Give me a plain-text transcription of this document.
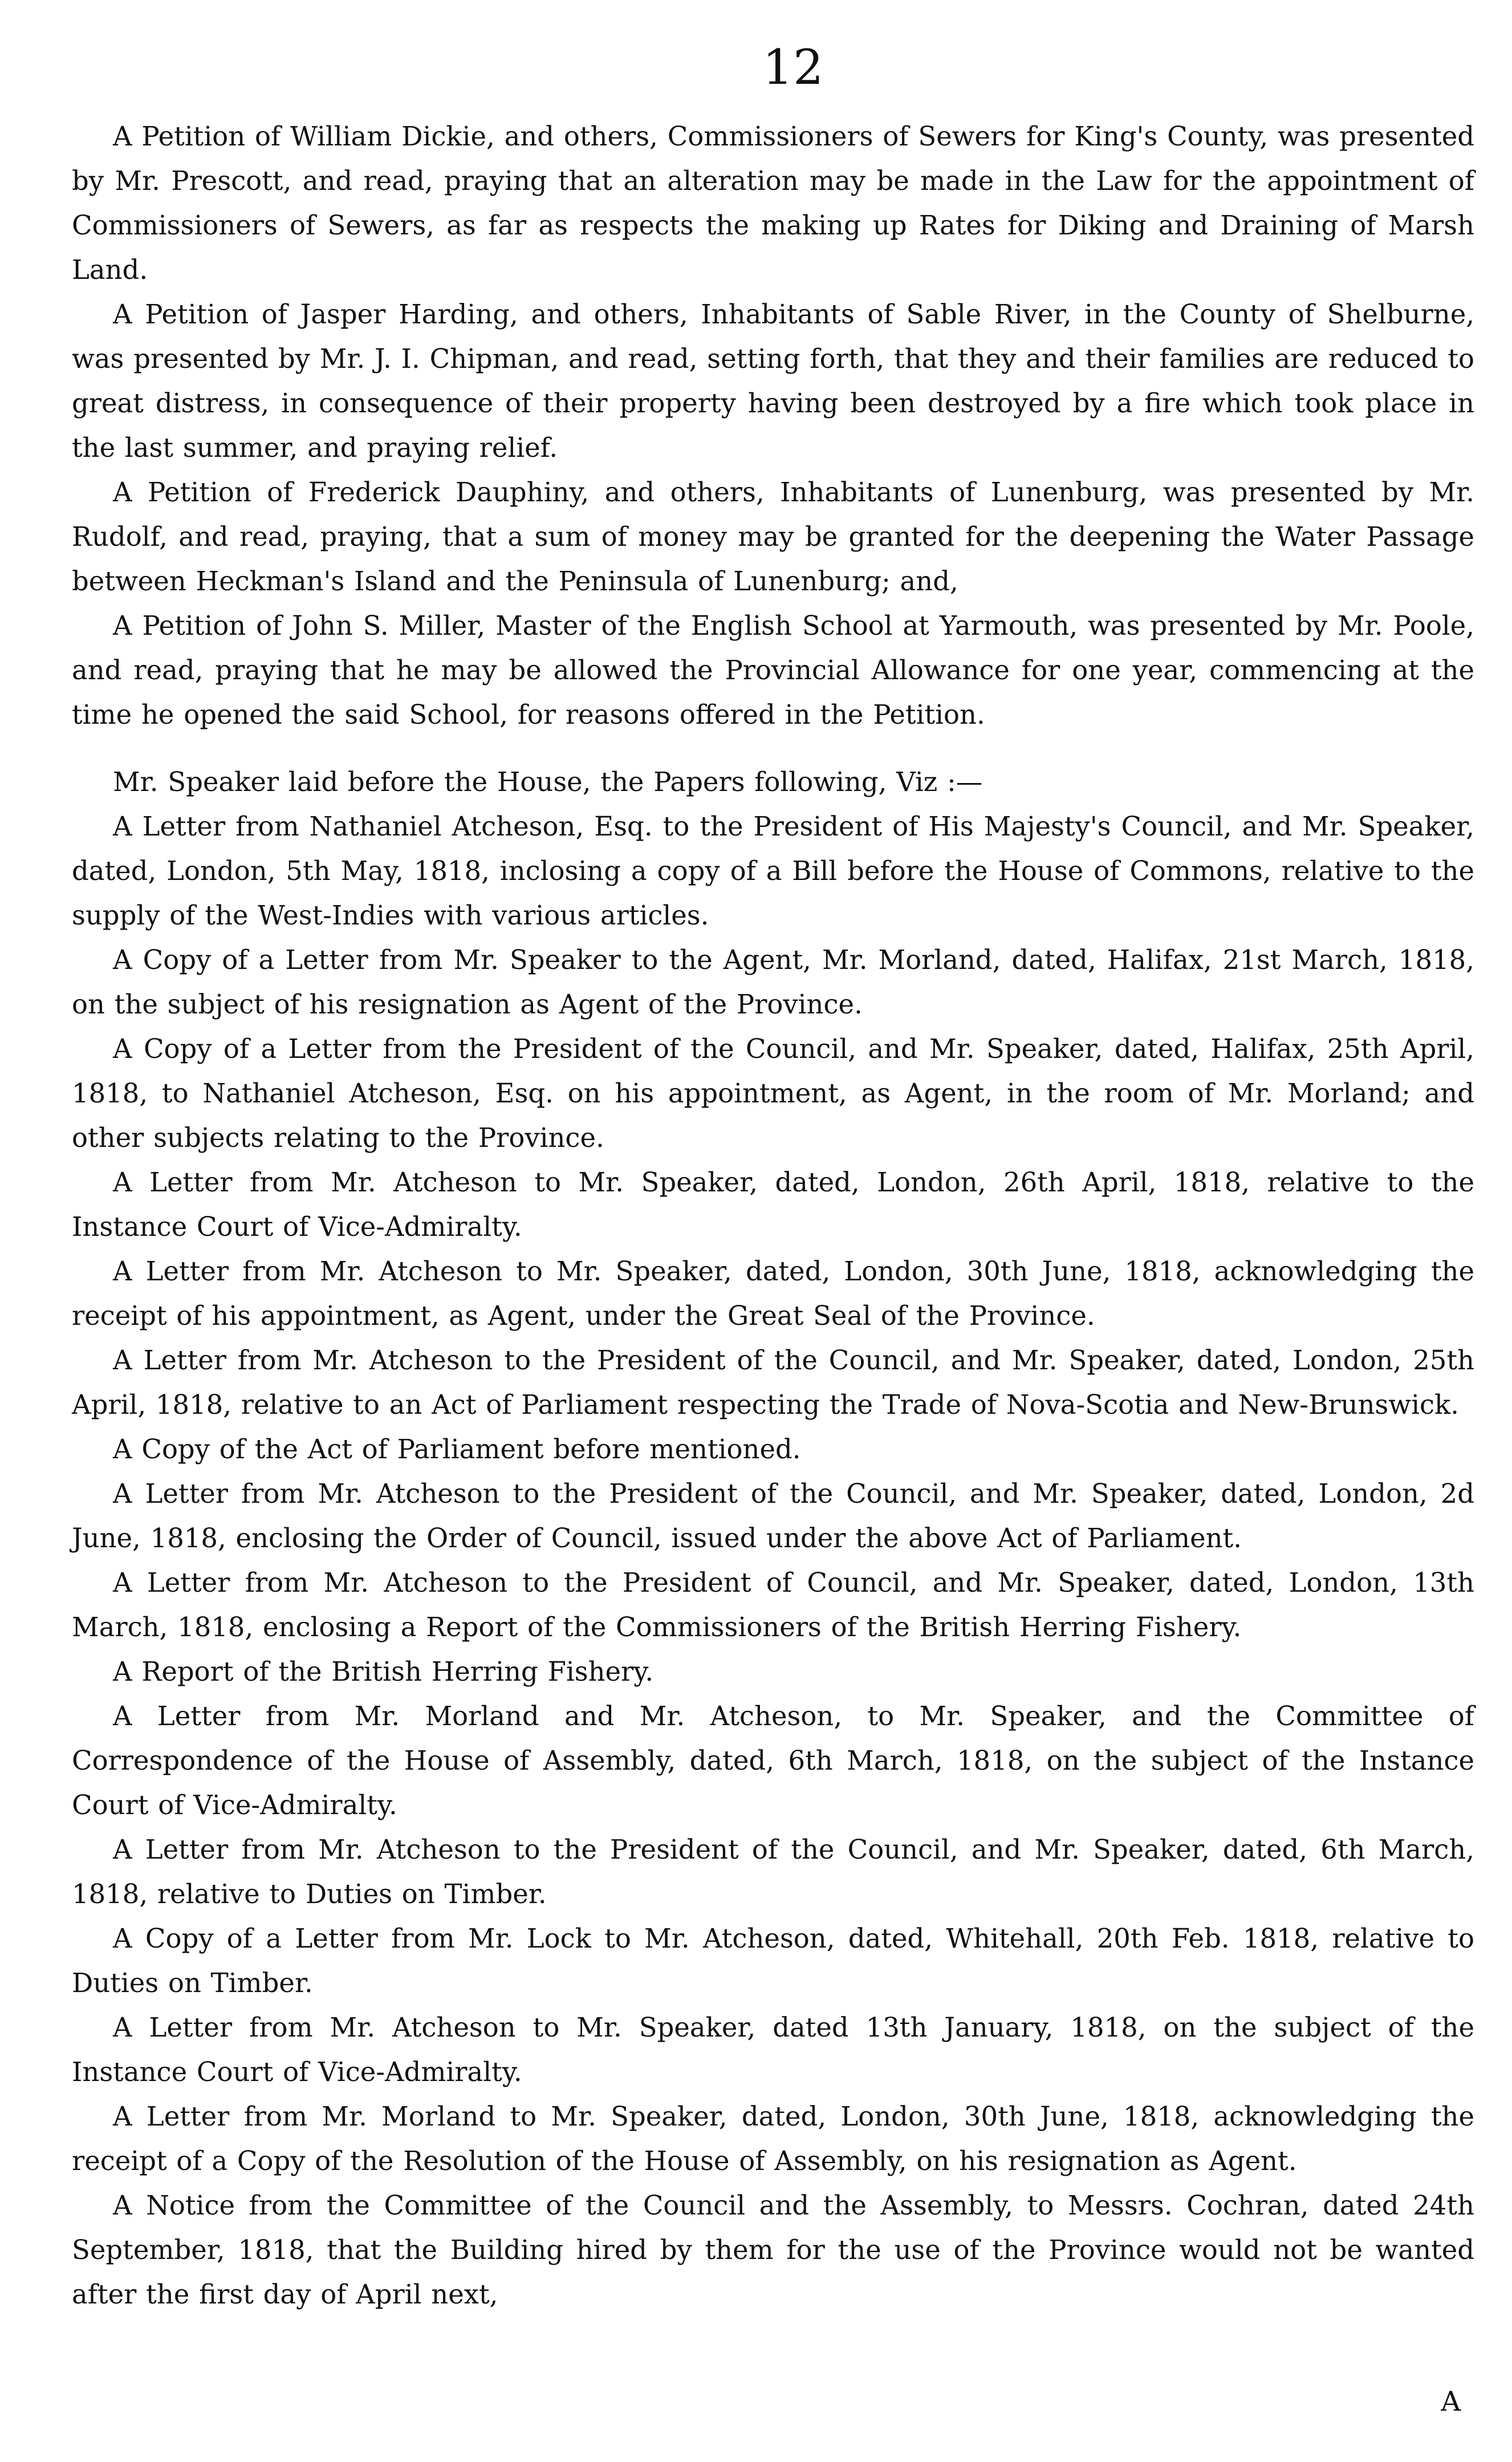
12

A Petition of William Dickie, and others, Commissioners of Sewers for King's County, was presented by Mr. Prescott, and read, praying that an alteration may be made in the Law for the appointment of Commissioners of Sewers, as far as respects the making up Rates for Diking and Draining of Marsh Land.

A Petition of Jasper Harding, and others, Inhabitants of Sable River, in the County of Shelburne, was presented by Mr. J. I. Chipman, and read, setting forth, that they and their families are reduced to great distress, in consequence of their property having been destroyed by a fire which took place in the last summer, and praying relief.

A Petition of Frederick Dauphiny, and others, Inhabitants of Lunenburg, was presented by Mr. Rudolf, and read, praying, that a sum of money may be granted for the deepening the Water Passage between Heckman's Island and the Peninsula of Lunenburg; and,

A Petition of John S. Miller, Master of the English School at Yarmouth, was presented by Mr. Poole, and read, praying that he may be allowed the Provincial Allowance for one year, commencing at the time he opened the said School, for reasons offered in the Petition.

Mr. Speaker laid before the House, the Papers following, Viz :—

A Letter from Nathaniel Atcheson, Esq. to the President of His Majesty's Council, and Mr. Speaker, dated, London, 5th May, 1818, inclosing a copy of a Bill before the House of Commons, relative to the supply of the West-Indies with various articles.

A Copy of a Letter from Mr. Speaker to the Agent, Mr. Morland, dated, Halifax, 21st March, 1818, on the subject of his resignation as Agent of the Province.

A Copy of a Letter from the President of the Council, and Mr. Speaker, dated, Halifax, 25th April, 1818, to Nathaniel Atcheson, Esq. on his appointment, as Agent, in the room of Mr. Morland; and other subjects relating to the Province.

A Letter from Mr. Atcheson to Mr. Speaker, dated, London, 26th April, 1818, relative to the Instance Court of Vice-Admiralty.

A Letter from Mr. Atcheson to Mr. Speaker, dated, London, 30th June, 1818, acknowledging the receipt of his appointment, as Agent, under the Great Seal of the Province.

A Letter from Mr. Atcheson to the President of the Council, and Mr. Speaker, dated, London, 25th April, 1818, relative to an Act of Parliament respecting the Trade of Nova-Scotia and New-Brunswick.

A Copy of the Act of Parliament before mentioned.

A Letter from Mr. Atcheson to the President of the Council, and Mr. Speaker, dated, London, 2d June, 1818, enclosing the Order of Council, issued under the above Act of Parliament.

A Letter from Mr. Atcheson to the President of Council, and Mr. Speaker, dated, London, 13th March, 1818, enclosing a Report of the Commissioners of the British Herring Fishery.

A Report of the British Herring Fishery.

A Letter from Mr. Morland and Mr. Atcheson, to Mr. Speaker, and the Committee of Correspondence of the House of Assembly, dated, 6th March, 1818, on the subject of the Instance Court of Vice-Admiralty.

A Letter from Mr. Atcheson to the President of the Council, and Mr. Speaker, dated, 6th March, 1818, relative to Duties on Timber.

A Copy of a Letter from Mr. Lock to Mr. Atcheson, dated, Whitehall, 20th Feb. 1818, relative to Duties on Timber.

A Letter from Mr. Atcheson to Mr. Speaker, dated 13th January, 1818, on the subject of the Instance Court of Vice-Admiralty.

A Letter from Mr. Morland to Mr. Speaker, dated, London, 30th June, 1818, acknowledging the receipt of a Copy of the Resolution of the House of Assembly, on his resignation as Agent.

A Notice from the Committee of the Council and the Assembly, to Messrs. Cochran, dated 24th September, 1818, that the Building hired by them for the use of the Province would not be wanted after the first day of April next,

A
